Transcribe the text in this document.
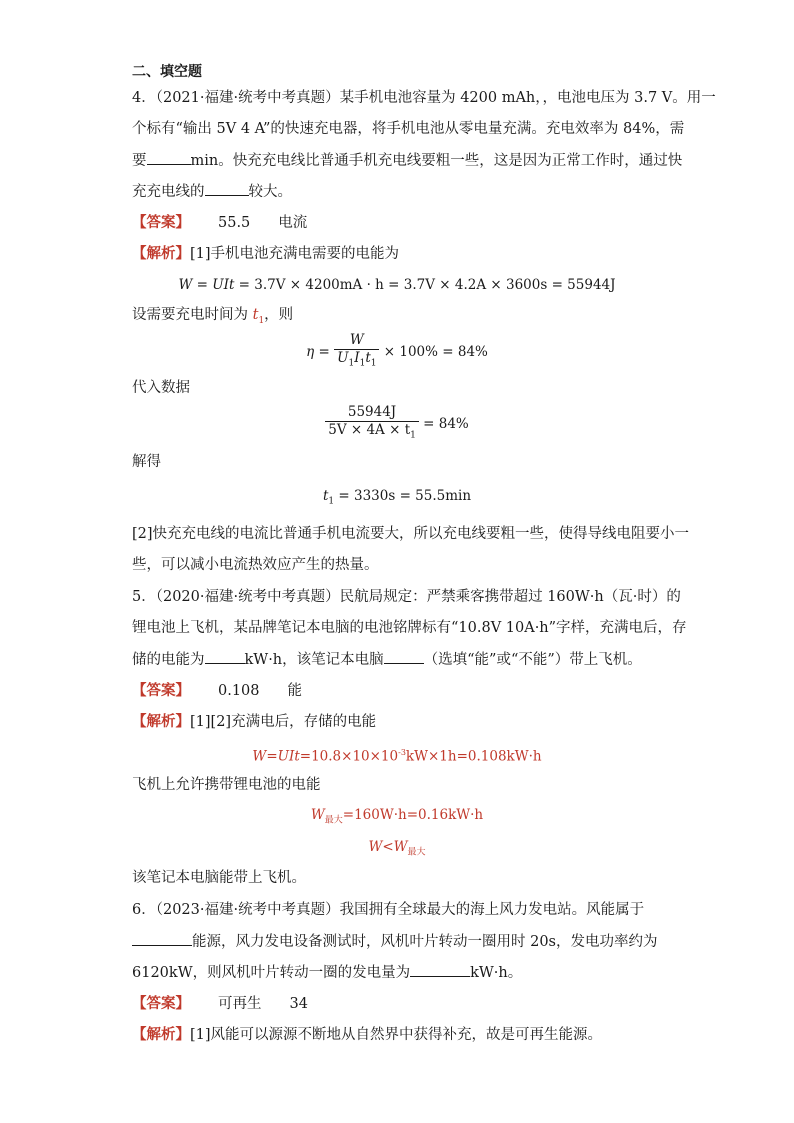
二、填空题
4．（2021·福建·统考中考真题）某手机电池容量为 4200 mAh，，电池电压为 3.7 V。用一
个标有“输出 5V 4 A”的快速充电器，将手机电池从零电量充满。充电效率为 84%，需
要	min。快充充电线比普通手机充电线要粗一些，这是因为正常工作时，通过快
充充电线的	较大。
【答案】 55.5 电流
【解析】[1]手机电池充满电需要的电能为
W = UIt = 3.7V × 4200mA · h = 3.7V × 4.2A × 3600s = 55944J
设需要充电时间为 $t_1$，则
$\eta = \frac{W}{U_1I_1t_1} \times 100\% = 84\%$
代入数据
$\frac{55944J}{5V \times 4A \times t_1} = 84\%$
解得
$t_1 = 3330s = 55.5\min$
[2]快充充电线的电流比普通手机电流要大，所以充电线要粗一些，使得导线电阻要小一
些，可以减小电流热效应产生的热量。
5．（2020·福建·统考中考真题）民航局规定：严禁乘客携带超过 160W·h（瓦·时）的
锂电池上飞机，某品牌笔记本电脑的电池铭牌标有“10.8V 10A·h”字样，充满电后，存
储的电能为	kW·h，该笔记本电脑	（选填“能”或“不能”）带上飞机。
【答案】 0.108 能
【解析】[1][2]充满电后，存储的电能
$W=UIt=10.8\times 10\times 10^{-3}kW\times 1h=0.108kW\cdot h$
飞机上允许携带锂电池的电能
$W_{最大}=160W\cdot h=0.16kW\cdot h$
$W<W_{最大}$
该笔记本电脑能带上飞机。
6．（2023·福建·统考中考真题）我国拥有全球最大的海上风力发电站。风能属于
能源，风力发电设备测试时，风机叶片转动一圈用时 20s，发电功率约为
6120kW，则风机叶片转动一圈的发电量为	kW·h。
【答案】 可再生 34
【解析】[1]风能可以源源不断地从自然界中获得补充，故是可再生能源。
